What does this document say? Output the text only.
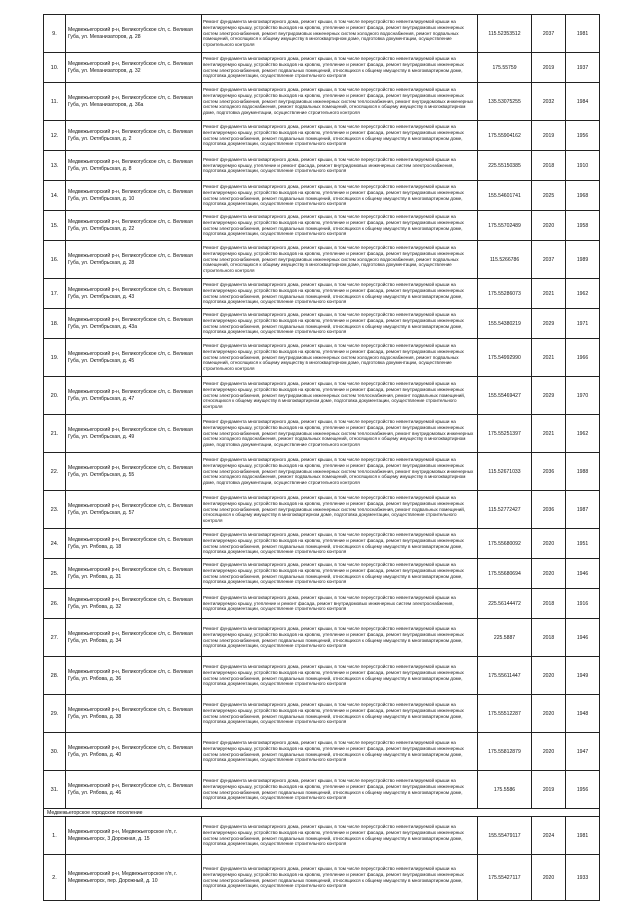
9.	Медвежьегорский р-н, Великогубское с/п, с. Великая Губа, ул. Механизаторов, д. 28	Ремонт фундамента многоквартирного дома, ремонт крыши, в том числе переустройство невентилируемой крыши на вентилируемую крышу, устройство выходов на кровлю, утепление и ремонт фасада, ремонт внутридомовых инженерных систем электроснабжения, ремонт внутридомовых инженерных систем холодного водоснабжения, ремонт подвальных помещений, относящихся к общему имуществу в многоквартирном доме, подготовка документации, осуществление строительного контроля	115.52353512	2037	1981
10.	Медвежьегорский р-н, Великогубское с/п, с. Великая Губа, ул. Механизаторов, д. 32	Ремонт фундамента многоквартирного дома, ремонт крыши, в том числе переустройство невентилируемой крыши на вентилируемую крышу, устройство выходов на кровлю, утепление и ремонт фасада, ремонт внутридомовых инженерных систем электроснабжения, ремонт подвальных помещений, относящихся к общему имуществу в многоквартирном доме, подготовка документации, осуществление строительного контроля	175.55759	2019	1937
11.	Медвежьегорский р-н, Великогубское с/п, с. Великая Губа, ул. Механизаторов, д. 36а	Ремонт фундамента многоквартирного дома, ремонт крыши, в том числе переустройство невентилируемой крыши на вентилируемую крышу, устройство выходов на кровлю, утепление и ремонт фасада, ремонт внутридомовых инженерных систем электроснабжения, ремонт внутридомовых инженерных систем теплоснабжения, ремонт внутридомовых инженерных систем холодного водоснабжения, ремонт подвальных помещений, относящихся к общему имуществу в многоквартирном доме, подготовка документации, осуществление строительного контроля	135.53075255	2032	1984
12.	Медвежьегорский р-н, Великогубское с/п, с. Великая Губа, ул. Октябрьская, д. 2	Ремонт фундамента многоквартирного дома, ремонт крыши, в том числе переустройство невентилируемой крыши на вентилируемую крышу, устройство выходов на кровлю, утепление и ремонт фасада, ремонт внутридомовых инженерных систем электроснабжения, ремонт подвальных помещений, относящихся к общему имуществу в многоквартирном доме, подготовка документации, осуществление строительного контроля	175.55904162	2019	1956
13.	Медвежьегорский р-н, Великогубское с/п, с. Великая Губа, ул. Октябрьская, д. 8	Ремонт фундамента многоквартирного дома, ремонт крыши, в том числе переустройство невентилируемой крыши на вентилируемую крышу, утепление и ремонт фасада, ремонт внутридомовых инженерных систем электроснабжения, подготовка документации, осуществление строительного контроля	225.55150385	2018	1910
14.	Медвежьегорский р-н, Великогубское с/п, с. Великая Губа, ул. Октябрьская, д. 10	Ремонт фундамента многоквартирного дома, ремонт крыши, в том числе переустройство невентилируемой крыши на вентилируемую крышу, устройство выходов на кровлю, утепление и ремонт фасада, ремонт внутридомовых инженерных систем электроснабжения, ремонт подвальных помещений, относящихся к общему имуществу в многоквартирном доме, подготовка документации, осуществление строительного контроля	155.54601741	2025	1968
15.	Медвежьегорский р-н, Великогубское с/п, с. Великая Губа, ул. Октябрьская, д. 22	Ремонт фундамента многоквартирного дома, ремонт крыши, в том числе переустройство невентилируемой крыши на вентилируемую крышу, устройство выходов на кровлю, утепление и ремонт фасада, ремонт внутридомовых инженерных систем электроснабжения, ремонт подвальных помещений, относящихся к общему имуществу в многоквартирном доме, подготовка документации, осуществление строительного контроля	175.55702489	2020	1958
16.	Медвежьегорский р-н, Великогубское с/п, с. Великая Губа, ул. Октябрьская, д. 28	Ремонт фундамента многоквартирного дома, ремонт крыши, в том числе переустройство невентилируемой крыши на вентилируемую крышу, устройство выходов на кровлю, утепление и ремонт фасада, ремонт внутридомовых инженерных систем электроснабжения, ремонт внутридомовых инженерных систем холодного водоснабжения, ремонт подвальных помещений, относящихся к общему имуществу в многоквартирном доме, подготовка документации, осуществление строительного контроля	115.5266786	2037	1989
17.	Медвежьегорский р-н, Великогубское с/п, с. Великая Губа, ул. Октябрьская, д. 43	Ремонт фундамента многоквартирного дома, ремонт крыши, в том числе переустройство невентилируемой крыши на вентилируемую крышу, устройство выходов на кровлю, утепление и ремонт фасада, ремонт внутридомовых инженерных систем электроснабжения, ремонт подвальных помещений, относящихся к общему имуществу в многоквартирном доме, подготовка документации, осуществление строительного контроля	175.55286073	2021	1962
18.	Медвежьегорский р-н, Великогубское с/п, с. Великая Губа, ул. Октябрьская, д. 43а	Ремонт фундамента многоквартирного дома, ремонт крыши, в том числе переустройство невентилируемой крыши на вентилируемую крышу, устройство выходов на кровлю, утепление и ремонт фасада, ремонт внутридомовых инженерных систем электроснабжения, ремонт подвальных помещений, относящихся к общему имуществу в многоквартирном доме, подготовка документации, осуществление строительного контроля	155.54380219	2029	1971
19.	Медвежьегорский р-н, Великогубское с/п, с. Великая Губа, ул. Октябрьская, д. 45	Ремонт фундамента многоквартирного дома, ремонт крыши, в том числе переустройство невентилируемой крыши на вентилируемую крышу, устройство выходов на кровлю, утепление и ремонт фасада, ремонт внутридомовых инженерных систем электроснабжения, ремонт внутридомовых инженерных систем холодного водоснабжения, ремонт подвальных помещений, относящихся к общему имуществу в многоквартирном доме, подготовка документации, осуществление строительного контроля	175.54992990	2021	1966
20.	Медвежьегорский р-н, Великогубское с/п, с. Великая Губа, ул. Октябрьская, д. 47	Ремонт фундамента многоквартирного дома, ремонт крыши, в том числе переустройство невентилируемой крыши на вентилируемую крышу, устройство выходов на кровлю, утепление и ремонт фасада, ремонт внутридомовых инженерных систем электроснабжения, ремонт внутридомовых инженерных систем теплоснабжения, ремонт подвальных помещений, относящихся к общему имуществу в многоквартирном доме, подготовка документации, осуществление строительного контроля	155.55469427	2029	1970
21.	Медвежьегорский р-н, Великогубское с/п, с. Великая Губа, ул. Октябрьская, д. 49	Ремонт фундамента многоквартирного дома, ремонт крыши, в том числе переустройство невентилируемой крыши на вентилируемую крышу, устройство выходов на кровлю, утепление и ремонт фасада, ремонт внутридомовых инженерных систем электроснабжения, ремонт внутридомовых инженерных систем теплоснабжения, ремонт внутридомовых инженерных систем холодного водоснабжения, ремонт подвальных помещений, относящихся к общему имуществу в многоквартирном доме, подготовка документации, осуществление строительного контроля	175.55251397	2021	1962
22.	Медвежьегорский р-н, Великогубское с/п, с. Великая Губа, ул. Октябрьская, д. 55	Ремонт фундамента многоквартирного дома, ремонт крыши, в том числе переустройство невентилируемой крыши на вентилируемую крышу, устройство выходов на кровлю, утепление и ремонт фасада, ремонт внутридомовых инженерных систем электроснабжения, ремонт внутридомовых инженерных систем теплоснабжения, ремонт внутридомовых инженерных систем холодного водоснабжения, ремонт подвальных помещений, относящихся к общему имуществу в многоквартирном доме, подготовка документации, осуществление строительного контроля	115.52671033	2036	1988
23.	Медвежьегорский р-н, Великогубское с/п, с. Великая Губа, ул. Октябрьская, д. 57	Ремонт фундамента многоквартирного дома, ремонт крыши, в том числе переустройство невентилируемой крыши на вентилируемую крышу, устройство выходов на кровлю, утепление и ремонт фасада, ремонт внутридомовых инженерных систем электроснабжения, ремонт внутридомовых инженерных систем теплоснабжения, ремонт подвальных помещений, относящихся к общему имуществу в многоквартирном доме, подготовка документации, осуществление строительного контроля	115.52772427	2036	1987
24.	Медвежьегорский р-н, Великогубское с/п, с. Великая Губа, ул. Рябова, д. 18	Ремонт фундамента многоквартирного дома, ремонт крыши, в том числе переустройство невентилируемой крыши на вентилируемую крышу, устройство выходов на кровлю, утепление и ремонт фасада, ремонт внутридомовых инженерных систем электроснабжения, ремонт подвальных помещений, относящихся к общему имуществу в многоквартирном доме, подготовка документации, осуществление строительного контроля	175.55680092	2020	1951
25.	Медвежьегорский р-н, Великогубское с/п, с. Великая Губа, ул. Рябова, д. 31	Ремонт фундамента многоквартирного дома, ремонт крыши, в том числе переустройство невентилируемой крыши на вентилируемую крышу, устройство выходов на кровлю, утепление и ремонт фасада, ремонт внутридомовых инженерных систем электроснабжения, ремонт подвальных помещений, относящихся к общему имуществу в многоквартирном доме, подготовка документации, осуществление строительного контроля	175.55680694	2020	1946
26.	Медвежьегорский р-н, Великогубское с/п, с. Великая Губа, ул. Рябова, д. 32	Ремонт фундамента многоквартирного дома, ремонт крыши, в том числе переустройство невентилируемой крыши на вентилируемую крышу, утепление и ремонт фасада, ремонт внутридомовых инженерных систем электроснабжения, подготовка документации, осуществление строительного контроля	225.56144472	2018	1916
27.	Медвежьегорский р-н, Великогубское с/п, с. Великая Губа, ул. Рябова, д. 34	Ремонт фундамента многоквартирного дома, ремонт крыши, в том числе переустройство невентилируемой крыши на вентилируемую крышу, устройство выходов на кровлю, утепление и ремонт фасада, ремонт внутридомовых инженерных систем электроснабжения, ремонт подвальных помещений, относящихся к общему имуществу в многоквартирном доме, подготовка документации, осуществление строительного контроля	225.5887	2018	1946
28.	Медвежьегорский р-н, Великогубское с/п, с. Великая Губа, ул. Рябова, д. 36	Ремонт фундамента многоквартирного дома, ремонт крыши, в том числе переустройство невентилируемой крыши на вентилируемую крышу, устройство выходов на кровлю, утепление и ремонт фасада, ремонт внутридомовых инженерных систем электроснабжения, ремонт подвальных помещений, относящихся к общему имуществу в многоквартирном доме, подготовка документации, осуществление строительного контроля	175.55611447	2020	1949
29.	Медвежьегорский р-н, Великогубское с/п, с. Великая Губа, ул. Рябова, д. 38	Ремонт фундамента многоквартирного дома, ремонт крыши, в том числе переустройство невентилируемой крыши на вентилируемую крышу, устройство выходов на кровлю, утепление и ремонт фасада, ремонт внутридомовых инженерных систем электроснабжения, ремонт подвальных помещений, относящихся к общему имуществу в многоквартирном доме, подготовка документации, осуществление строительного контроля	175.55512287	2020	1948
30.	Медвежьегорский р-н, Великогубское с/п, с. Великая Губа, ул. Рябова, д. 40	Ремонт фундамента многоквартирного дома, ремонт крыши, в том числе переустройство невентилируемой крыши на вентилируемую крышу, устройство выходов на кровлю, утепление и ремонт фасада, ремонт внутридомовых инженерных систем электроснабжения, ремонт подвальных помещений, относящихся к общему имуществу в многоквартирном доме, подготовка документации, осуществление строительного контроля	175.55812879	2020	1947
31.	Медвежьегорский р-н, Великогубское с/п, с. Великая Губа, ул. Рябова, д. 46	Ремонт фундамента многоквартирного дома, ремонт крыши, в том числе переустройство невентилируемой крыши на вентилируемую крышу, устройство выходов на кровлю, утепление и ремонт фасада, ремонт внутридомовых инженерных систем электроснабжения, ремонт подвальных помещений, относящихся к общему имуществу в многоквартирном доме, подготовка документации, осуществление строительного контроля	175.5586	2019	1956
Медвежьегорское городское поселение					
1.	Медвежьегорский р-н, Медвежьегорское г/п, г. Медвежьегорск, 3 Дорожная, д. 15	Ремонт фундамента многоквартирного дома, ремонт крыши, в том числе переустройство невентилируемой крыши на вентилируемую крышу, устройство выходов на кровлю, утепление и ремонт фасада, ремонт внутридомовых инженерных систем электроснабжения, ремонт подвальных помещений, относящихся к общему имуществу в многоквартирном доме, подготовка документации, осуществление строительного контроля	155.55479117	2024	1981
2.	Медвежьегорский р-н, Медвежьегорское г/п, г. Медвежьегорск, пер. Дорожный, д. 10	Ремонт фундамента многоквартирного дома, ремонт крыши, в том числе переустройство невентилируемой крыши на вентилируемую крышу, устройство выходов на кровлю, утепление и ремонт фасада, ремонт внутридомовых инженерных систем электроснабжения, ремонт подвальных помещений, относящихся к общему имуществу в многоквартирном доме, подготовка документации, осуществление строительного контроля	175.55427117	2020	1933
